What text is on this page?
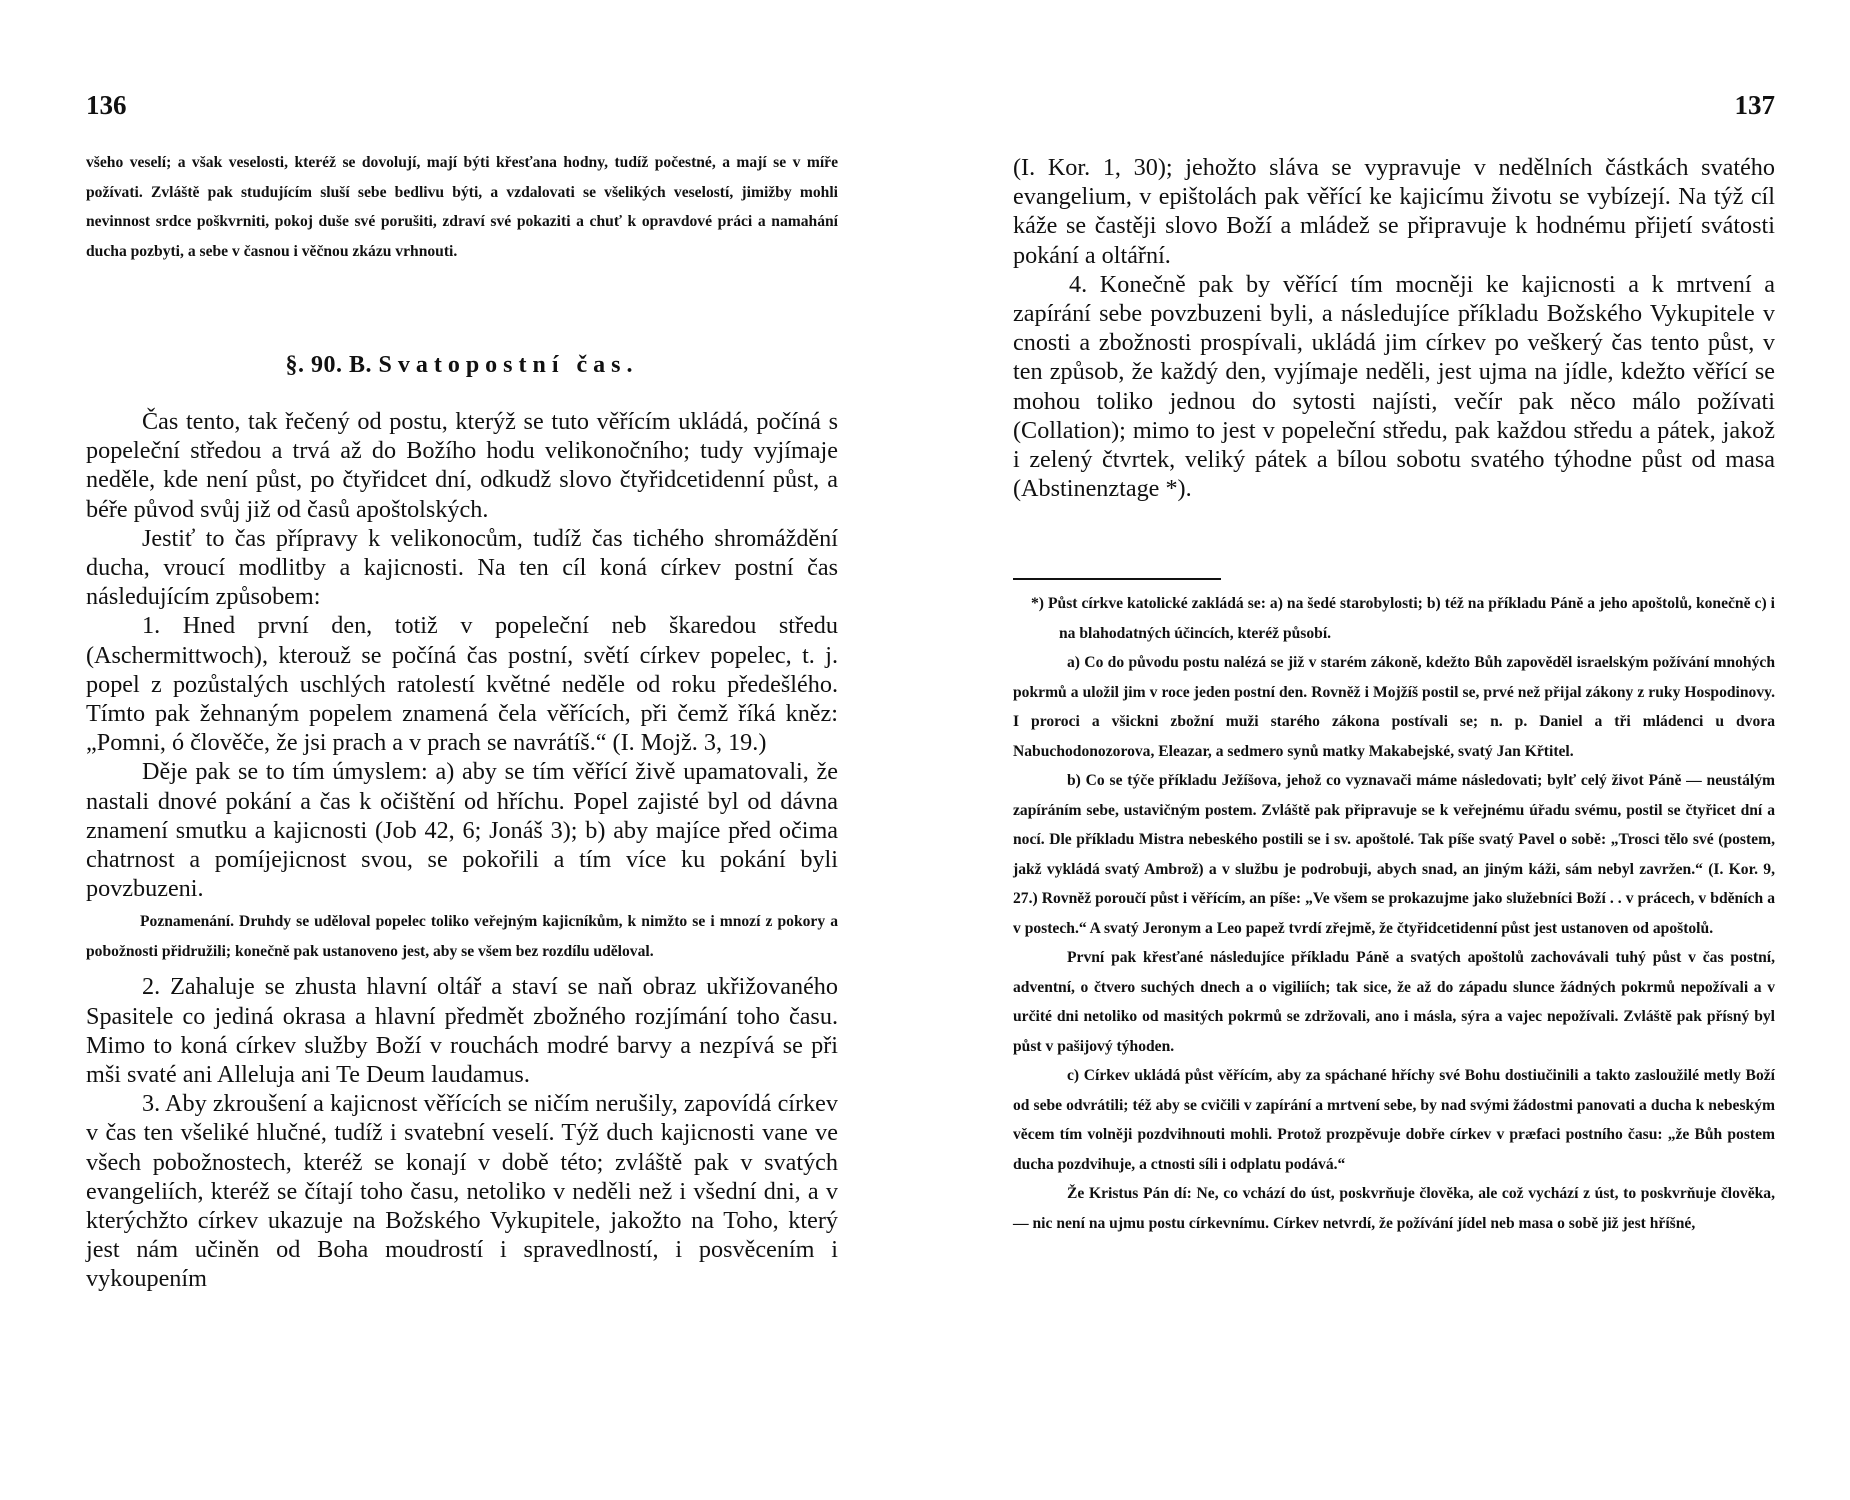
136

všeho veselí; a však veselosti, kteréž se dovolují, mají býti křesťana hodny, tudíž počestné, a mají se v míře požívati. Zvláště pak studujícím sluší sebe bedlivu býti, a vzdalovati se všelikých veselostí, jimižby mohli nevinnost srdce poškvrniti, pokoj duše své porušiti, zdraví své pokaziti a chuť k opravdové práci a namahání ducha pozbyti, a sebe v časnou i věčnou zkázu vrhnouti.

§. 90. B. Svatopostní čas.

Čas tento, tak řečený od postu, kterýž se tuto věřícím ukládá, počíná s popeleční středou a trvá až do Božího hodu velikonočního; tudy vyjímaje neděle, kde není půst, po čtyřidcet dní, odkudž slovo čtyřidcetidenní půst, a béře původ svůj již od časů apoštolských.

Jestiť to čas přípravy k velikonocům, tudíž čas tichého shromáždění ducha, vroucí modlitby a kajicnosti. Na ten cíl koná církev postní čas následujícím způsobem:

1. Hned první den, totiž v popeleční neb škaredou středu (Aschermittwoch), kterouž se počíná čas postní, světí církev popelec, t. j. popel z pozůstalých uschlých ratolestí květné neděle od roku předešlého. Tímto pak žehnaným popelem znamená čela věřících, při čemž říká kněz: „Pomni, ó člověče, že jsi prach a v prach se navrátíš.“ (I. Mojž. 3, 19.)

Děje pak se to tím úmyslem: a) aby se tím věřící živě upamatovali, že nastali dnové pokání a čas k očištění od hříchu. Popel zajisté byl od dávna znamení smutku a kajicnosti (Job 42, 6; Jonáš 3); b) aby majíce před očima chatrnost a pomíjejicnost svou, se pokořili a tím více ku pokání byli povzbuzeni.

Poznamenání. Druhdy se uděloval popelec toliko veřejným kajicníkům, k nimžto se i mnozí z pokory a pobožnosti přidružili; konečně pak ustanoveno jest, aby se všem bez rozdílu uděloval.

2. Zahaluje se zhusta hlavní oltář a staví se naň obraz ukřižovaného Spasitele co jediná okrasa a hlavní předmět zbožného rozjímání toho času. Mimo to koná církev služby Boží v rouchách modré barvy a nezpívá se při mši svaté ani Alleluja ani Te Deum laudamus.

3. Aby zkroušení a kajicnost věřících se ničím nerušily, zapovídá církev v čas ten všeliké hlučné, tudíž i svatební veselí. Týž duch kajicnosti vane ve všech pobožnostech, kteréž se konají v době této; zvláště pak v svatých evangeliích, kteréž se čítají toho času, netoliko v neděli než i všední dni, a v kterýchžto církev ukazuje na Božského Vykupitele, jakožto na Toho, který jest nám učiněn od Boha moudrostí i spravedlností, i posvěcením i vykoupením

137

(I. Kor. 1, 30); jehožto sláva se vypravuje v nedělních částkách svatého evangelium, v epištolách pak věřící ke kajicímu životu se vybízejí. Na týž cíl káže se častěji slovo Boží a mládež se připravuje k hodnému přijetí svátosti pokání a oltářní.

4. Konečně pak by věřící tím mocněji ke kajicnosti a k mrtvení a zapírání sebe povzbuzeni byli, a následujíce příkladu Božského Vykupitele v cnosti a zbožnosti prospívali, ukládá jim církev po veškerý čas tento půst, v ten způsob, že každý den, vyjímaje neděli, jest ujma na jídle, kdežto věřící se mohou toliko jednou do sytosti najísti, večír pak něco málo požívati (Collation); mimo to jest v popeleční středu, pak každou středu a pátek, jakož i zelený čtvrtek, veliký pátek a bílou sobotu svatého týhodne půst od masa (Abstinenztage *).

*) Půst církve katolické zakládá se: a) na šedé starobylosti; b) též na příkladu Páně a jeho apoštolů, konečně c) i na blahodatných účincích, kteréž působí.

a) Co do původu postu nalézá se již v starém zákoně, kdežto Bůh zapověděl israelským požívání mnohých pokrmů a uložil jim v roce jeden postní den. Rovněž i Mojžíš postil se, prvé než přijal zákony z ruky Hospodinovy. I proroci a všickni zbožní muži starého zákona postívali se; n. p. Daniel a tři mládenci u dvora Nabuchodonozorova, Eleazar, a sedmero synů matky Makabejské, svatý Jan Křtitel.

b) Co se týče příkladu Ježíšova, jehož co vyznavači máme následovati; bylť celý život Páně — neustálým zapíráním sebe, ustavičným postem. Zvláště pak připravuje se k veřejnému úřadu svému, postil se čtyřicet dní a nocí. Dle příkladu Mistra nebeského postili se i sv. apoštolé. Tak píše svatý Pavel o sobě: „Trosci tělo své (postem, jakž vykládá svatý Ambrož) a v službu je podrobuji, abych snad, an jiným káži, sám nebyl zavržen.“ (I. Kor. 9, 27.) Rovněž poroučí půst i věřícím, an píše: „Ve všem se prokazujme jako služebníci Boží . . v prácech, v bděních a v postech.“ A svatý Jeronym a Leo papež tvrdí zřejmě, že čtyřidcetidenní půst jest ustanoven od apoštolů.

První pak křesťané následujíce příkladu Páně a svatých apoštolů zachovávali tuhý půst v čas postní, adventní, o čtvero suchých dnech a o vigiliích; tak sice, že až do západu slunce žádných pokrmů nepožívali a v určité dni netoliko od masitých pokrmů se zdržovali, ano i másla, sýra a vajec nepožívali. Zvláště pak přísný byl půst v pašijový týhoden.

c) Církev ukládá půst věřícím, aby za spáchané hříchy své Bohu dostiučinili a takto zasloužilé metly Boží od sebe odvrátili; též aby se cvičili v zapírání a mrtvení sebe, by nad svými žádostmi panovati a ducha k nebeským věcem tím volněji pozdvihnouti mohli. Protož prozpěvuje dobře církev v præfaci postního času: „že Bůh postem ducha pozdvihuje, a ctnosti síli i odplatu podává.“

Že Kristus Pán dí: Ne, co vchází do úst, poskvrňuje člověka, ale což vychází z úst, to poskvrňuje člověka, — nic není na ujmu postu církevnímu. Církev netvrdí, že požívání jídel neb masa o sobě již jest hříšné,
